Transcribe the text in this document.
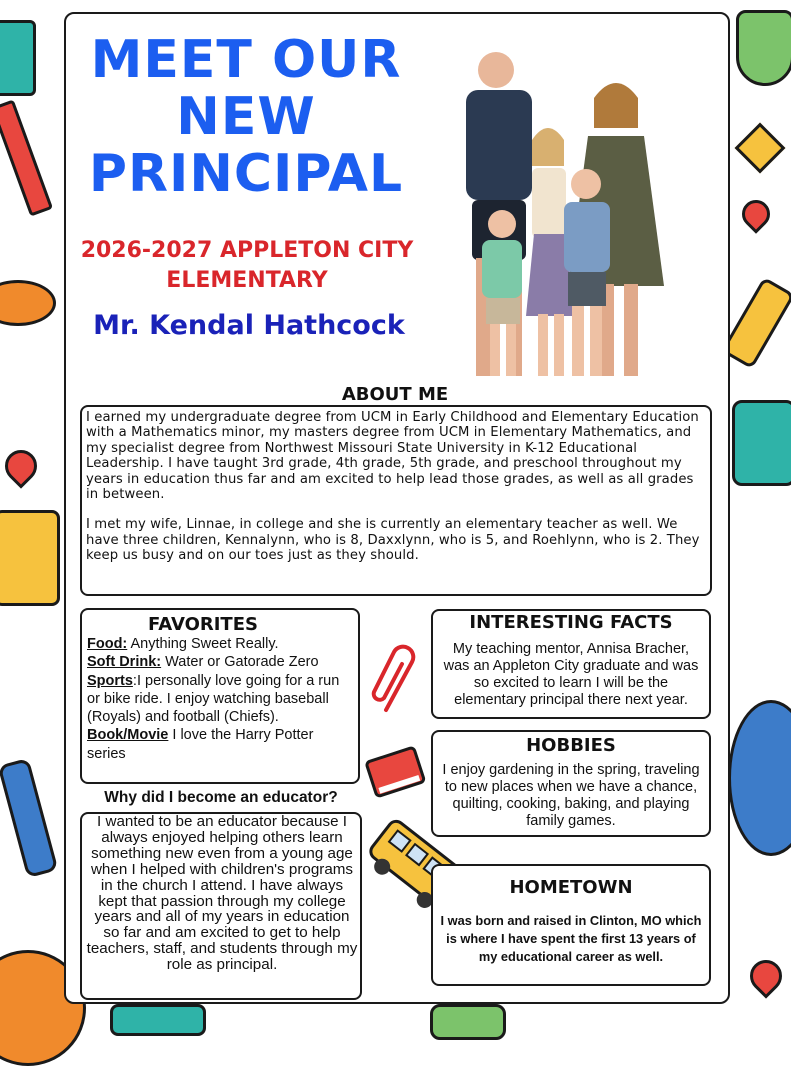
MEET OUR NEW PRINCIPAL
2026-2027 APPLETON CITY ELEMENTARY
Mr. Kendal Hathcock
ABOUT ME

I earned my undergraduate degree from UCM in Early Childhood and Elementary Education with a Mathematics minor, my masters degree from UCM in Elementary Mathematics, and my specialist degree from Northwest Missouri State University in K-12 Educational Leadership. I have taught 3rd grade, 4th grade, 5th grade, and preschool throughout my years in education thus far and am excited to help lead those grades, as well as all grades in between.

I met my wife, Linnae, in college and she is currently an elementary teacher as well. We have three children, Kennalynn, who is 8, Daxxlynn, who is 5, and Roehlynn, who is 2. They keep us busy and on our toes just as they should.

FAVORITES
Food: Anything Sweet Really.
Soft Drink: Water or Gatorade Zero
Sports:I personally love going for a run or bike ride. I enjoy watching baseball (Royals) and football (Chiefs).
Book/Movie I love the Harry Potter series
Why did I become an educator?
I wanted to be an educator because I always enjoyed helping others learn something new even from a young age when I helped with children's programs in the church I attend. I have always kept that passion through my college years and all of my years in education so far and am excited to get to help teachers, staff, and students through my role as principal.
INTERESTING FACTS
My teaching mentor, Annisa Bracher, was an Appleton City graduate and was so excited to learn I will be the elementary principal there next year.
HOBBIES
I enjoy gardening in the spring, traveling to new places when we have a chance, quilting, cooking, baking, and playing family games.
HOMETOWN
I was born and raised in Clinton, MO which is where I have spent the first 13 years of my educational career as well.
